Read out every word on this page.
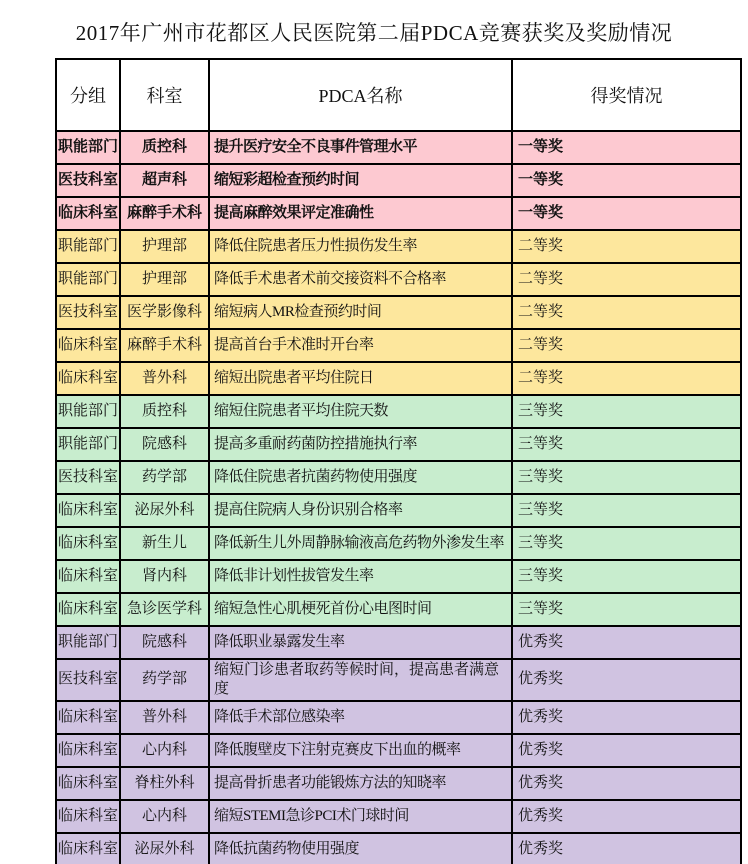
2017年广州市花都区人民医院第二届PDCA竞赛获奖及奖励情况
分组	科室	PDCA名称	得奖情况
职能部门	质控科	提升医疗安全不良事件管理水平	一等奖
医技科室	超声科	缩短彩超检查预约时间	一等奖
临床科室	麻醉手术科	提高麻醉效果评定准确性	一等奖
职能部门	护理部	降低住院患者压力性损伤发生率	二等奖
职能部门	护理部	降低手术患者术前交接资料不合格率	二等奖
医技科室	医学影像科	缩短病人MR检查预约时间	二等奖
临床科室	麻醉手术科	提高首台手术准时开台率	二等奖
临床科室	普外科	缩短出院患者平均住院日	二等奖
职能部门	质控科	缩短住院患者平均住院天数	三等奖
职能部门	院感科	提高多重耐药菌防控措施执行率	三等奖
医技科室	药学部	降低住院患者抗菌药物使用强度	三等奖
临床科室	泌尿外科	提高住院病人身份识别合格率	三等奖
临床科室	新生儿	降低新生儿外周静脉输液高危药物外渗发生率	三等奖
临床科室	肾内科	降低非计划性拔管发生率	三等奖
临床科室	急诊医学科	缩短急性心肌梗死首份心电图时间	三等奖
职能部门	院感科	降低职业暴露发生率	优秀奖
医技科室	药学部	缩短门诊患者取药等候时间，提高患者满意度	优秀奖
临床科室	普外科	降低手术部位感染率	优秀奖
临床科室	心内科	降低腹壁皮下注射克赛皮下出血的概率	优秀奖
临床科室	脊柱外科	提高骨折患者功能锻炼方法的知晓率	优秀奖
临床科室	心内科	缩短STEMI急诊PCI术门球时间	优秀奖
临床科室	泌尿外科	降低抗菌药物使用强度	优秀奖
